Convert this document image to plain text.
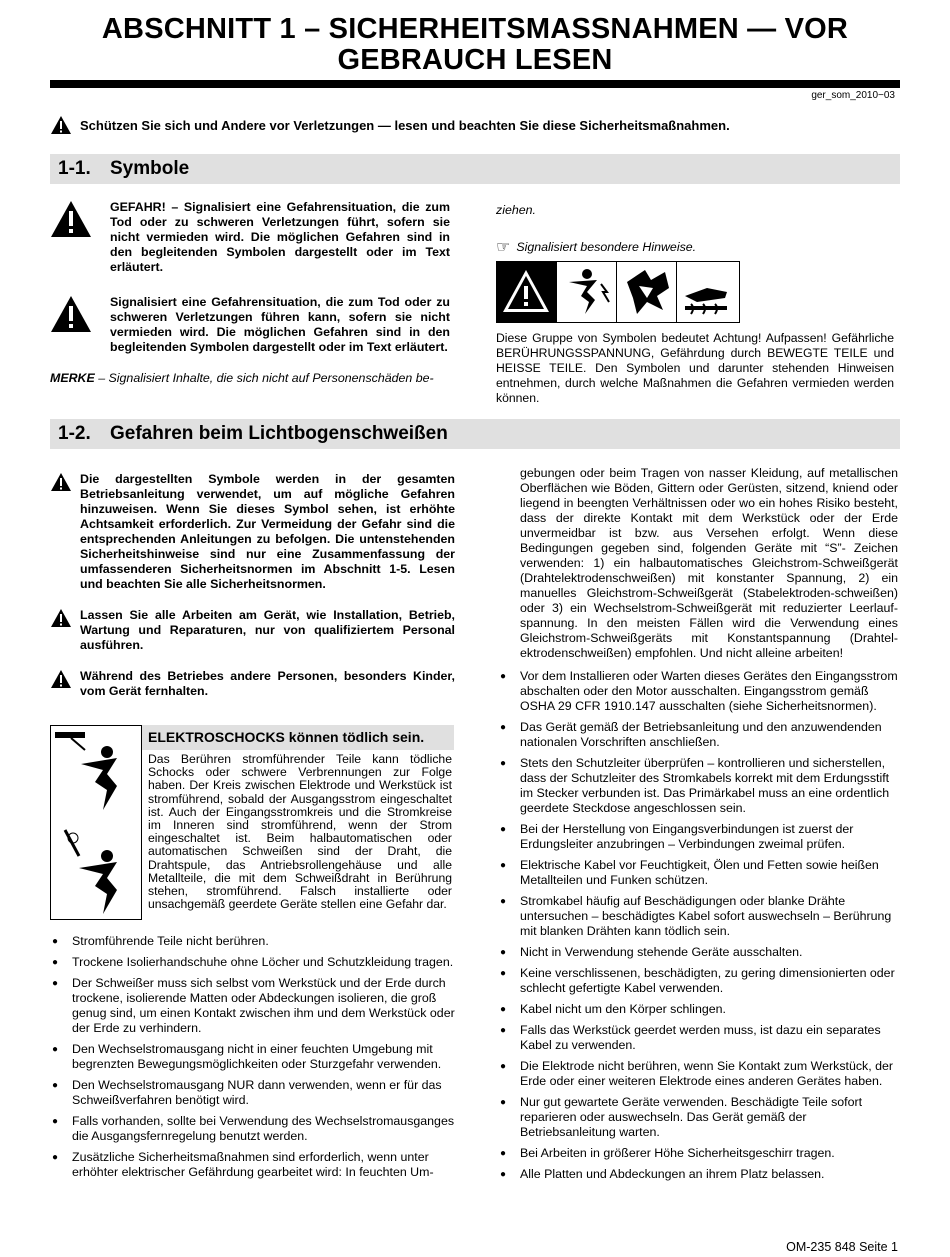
ABSCHNITT 1 – SICHERHEITSMASSNAHMEN — VOR
GEBRAUCH LESEN
ger_som_2010−03
Schützen Sie sich und Andere vor Verletzungen — lesen und beachten Sie diese Sicherheitsmaßnahmen.
1-1.	Symbole
GEFAHR! – Signalisiert eine Gefahrensituation, die zum Tod oder zu schweren Verletzungen führt, sofern sie nicht vermieden wird. Die möglichen Gefahren sind in den begleitenden Symbolen dargestellt oder im Text erläutert.
Signalisiert eine Gefahrensituation, die zum Tod oder zu schweren Verletzungen führen kann, sofern sie nicht vermieden wird. Die möglichen Gefahren sind in den begleitenden Symbolen dargestellt oder im Text erläutert.
MERKE – Signalisiert Inhalte, die sich nicht auf Personenschäden be-
ziehen.
☞ Signalisiert besondere Hinweise.
Diese Gruppe von Symbolen bedeutet Achtung! Aufpassen! Gefährliche BERÜHRUNGSSPANNUNG, Gefährdung durch BEWEGTE TEILE und HEISSE TEILE. Den Symbolen und darunter stehenden Hinweisen entnehmen, durch welche Maßnahmen die Gefahren vermieden werden können.
1-2.	Gefahren beim Lichtbogenschweißen
Die dargestellten Symbole werden in der gesamten Betriebsanleitung verwendet, um auf mögliche Gefahren hinzuweisen. Wenn Sie dieses Symbol sehen, ist erhöhte Achtsamkeit erforderlich. Zur Vermeidung der Gefahr sind die entsprechenden Anleitungen zu befolgen. Die untenstehenden Sicherheitshinweise sind nur eine Zusammenfassung der umfassenderen Sicherheitsnormen im Abschnitt 1-5. Lesen und beachten Sie alle Sicherheitsnormen.
Lassen Sie alle Arbeiten am Gerät, wie Installation, Betrieb, Wartung und Reparaturen, nur von qualifiziertem Personal ausführen.
Während des Betriebes andere Personen, besonders Kinder, vom Gerät fernhalten.

ELEKTROSCHOCKS können tödlich sein.
Das Berühren stromführender Teile kann tödliche Schocks oder schwere Verbrennungen zur Folge haben. Der Kreis zwischen Elektrode und Werkstück ist stromführend, sobald der Ausgangsstrom eingeschaltet ist. Auch der Eingangsstromkreis und die Stromkreise im Inneren sind stromführend, wenn der Strom eingeschaltet ist. Beim halbautomatischen oder automatischen Schweißen sind der Draht, die Drahtspule, das Antriebsrollengehäuse und alle Metallteile, die mit dem Schweißdraht in Berührung stehen, stromführend. Falsch installierte oder unsachgemäß geerdete Geräte stellen eine Gefahr dar.
● Stromführende Teile nicht berühren.
● Trockene Isolierhandschuhe ohne Löcher und Schutzkleidung tragen.
● Der Schweißer muss sich selbst vom Werkstück und der Erde durch trockene, isolierende Matten oder Abdeckungen isolieren, die groß genug sind, um einen Kontakt zwischen ihm und dem Werkstück oder der Erde zu verhindern.
● Den Wechselstromausgang nicht in einer feuchten Umgebung mit begrenzten Bewegungsmöglichkeiten oder Sturzgefahr verwenden.
● Den Wechselstromausgang NUR dann verwenden, wenn er für das Schweißverfahren benötigt wird.
● Falls vorhanden, sollte bei Verwendung des Wechselstromausganges die Ausgangsfernregelung benutzt werden.
● Zusätzliche Sicherheitsmaßnahmen sind erforderlich, wenn unter erhöhter elektrischer Gefährdung gearbeitet wird: In feuchten Um-
gebungen oder beim Tragen von nasser Kleidung, auf metallischen Oberflächen wie Böden, Gittern oder Gerüsten, sitzend, kniend oder liegend in beengten Verhältnissen oder wo ein hohes Risiko besteht, dass der direkte Kontakt mit dem Werkstück oder der Erde unvermeidbar ist bzw. aus Versehen erfolgt. Wenn diese Bedingungen gegeben sind, folgenden Geräte mit “S”- Zeichen verwenden: 1) ein halbautomatisches Gleichstrom-Schweißgerät (Drahtelektrodenschweißen) mit konstanter Spannung, 2) ein manuelles Gleichstrom-Schweißgerät (Stabelektroden-schweißen) oder 3) ein Wechselstrom-Schweißgerät mit reduzierter Leerlauf- spannung. In den meisten Fällen wird die Verwendung eines Gleichstrom-Schweißgeräts mit Konstantspannung (Drahtel- ektrodenschweißen) empfohlen. Und nicht alleine arbeiten!
● Vor dem Installieren oder Warten dieses Gerätes den Eingangsstrom abschalten oder den Motor ausschalten. Eingangsstrom gemäß OSHA 29 CFR 1910.147 ausschalten (siehe Sicherheitsnormen).
● Das Gerät gemäß der Betriebsanleitung und den anzuwendenden nationalen Vorschriften anschließen.
● Stets den Schutzleiter überprüfen – kontrollieren und sicherstellen, dass der Schutzleiter des Stromkabels korrekt mit dem Erdungsstift im Stecker verbunden ist. Das Primärkabel muss an eine ordentlich geerdete Steckdose angeschlossen sein.
● Bei der Herstellung von Eingangsverbindungen ist zuerst der Erdungsleiter anzubringen – Verbindungen zweimal prüfen.
● Elektrische Kabel vor Feuchtigkeit, Ölen und Fetten sowie heißen Metallteilen und Funken schützen.
● Stromkabel häufig auf Beschädigungen oder blanke Drähte untersuchen – beschädigtes Kabel sofort auswechseln – Berührung mit blanken Drähten kann tödlich sein.
● Nicht in Verwendung stehende Geräte ausschalten.
● Keine verschlissenen, beschädigten, zu gering dimensionierten oder schlecht gefertigte Kabel verwenden.
● Kabel nicht um den Körper schlingen.
● Falls das Werkstück geerdet werden muss, ist dazu ein separates Kabel zu verwenden.
● Die Elektrode nicht berühren, wenn Sie Kontakt zum Werkstück, der Erde oder einer weiteren Elektrode eines anderen Gerätes haben.
● Nur gut gewartete Geräte verwenden. Beschädigte Teile sofort reparieren oder auswechseln. Das Gerät gemäß der Betriebsanleitung warten.
● Bei Arbeiten in größerer Höhe Sicherheitsgeschirr tragen.
● Alle Platten und Abdeckungen an ihrem Platz belassen.
OM-235 848 Seite 1
